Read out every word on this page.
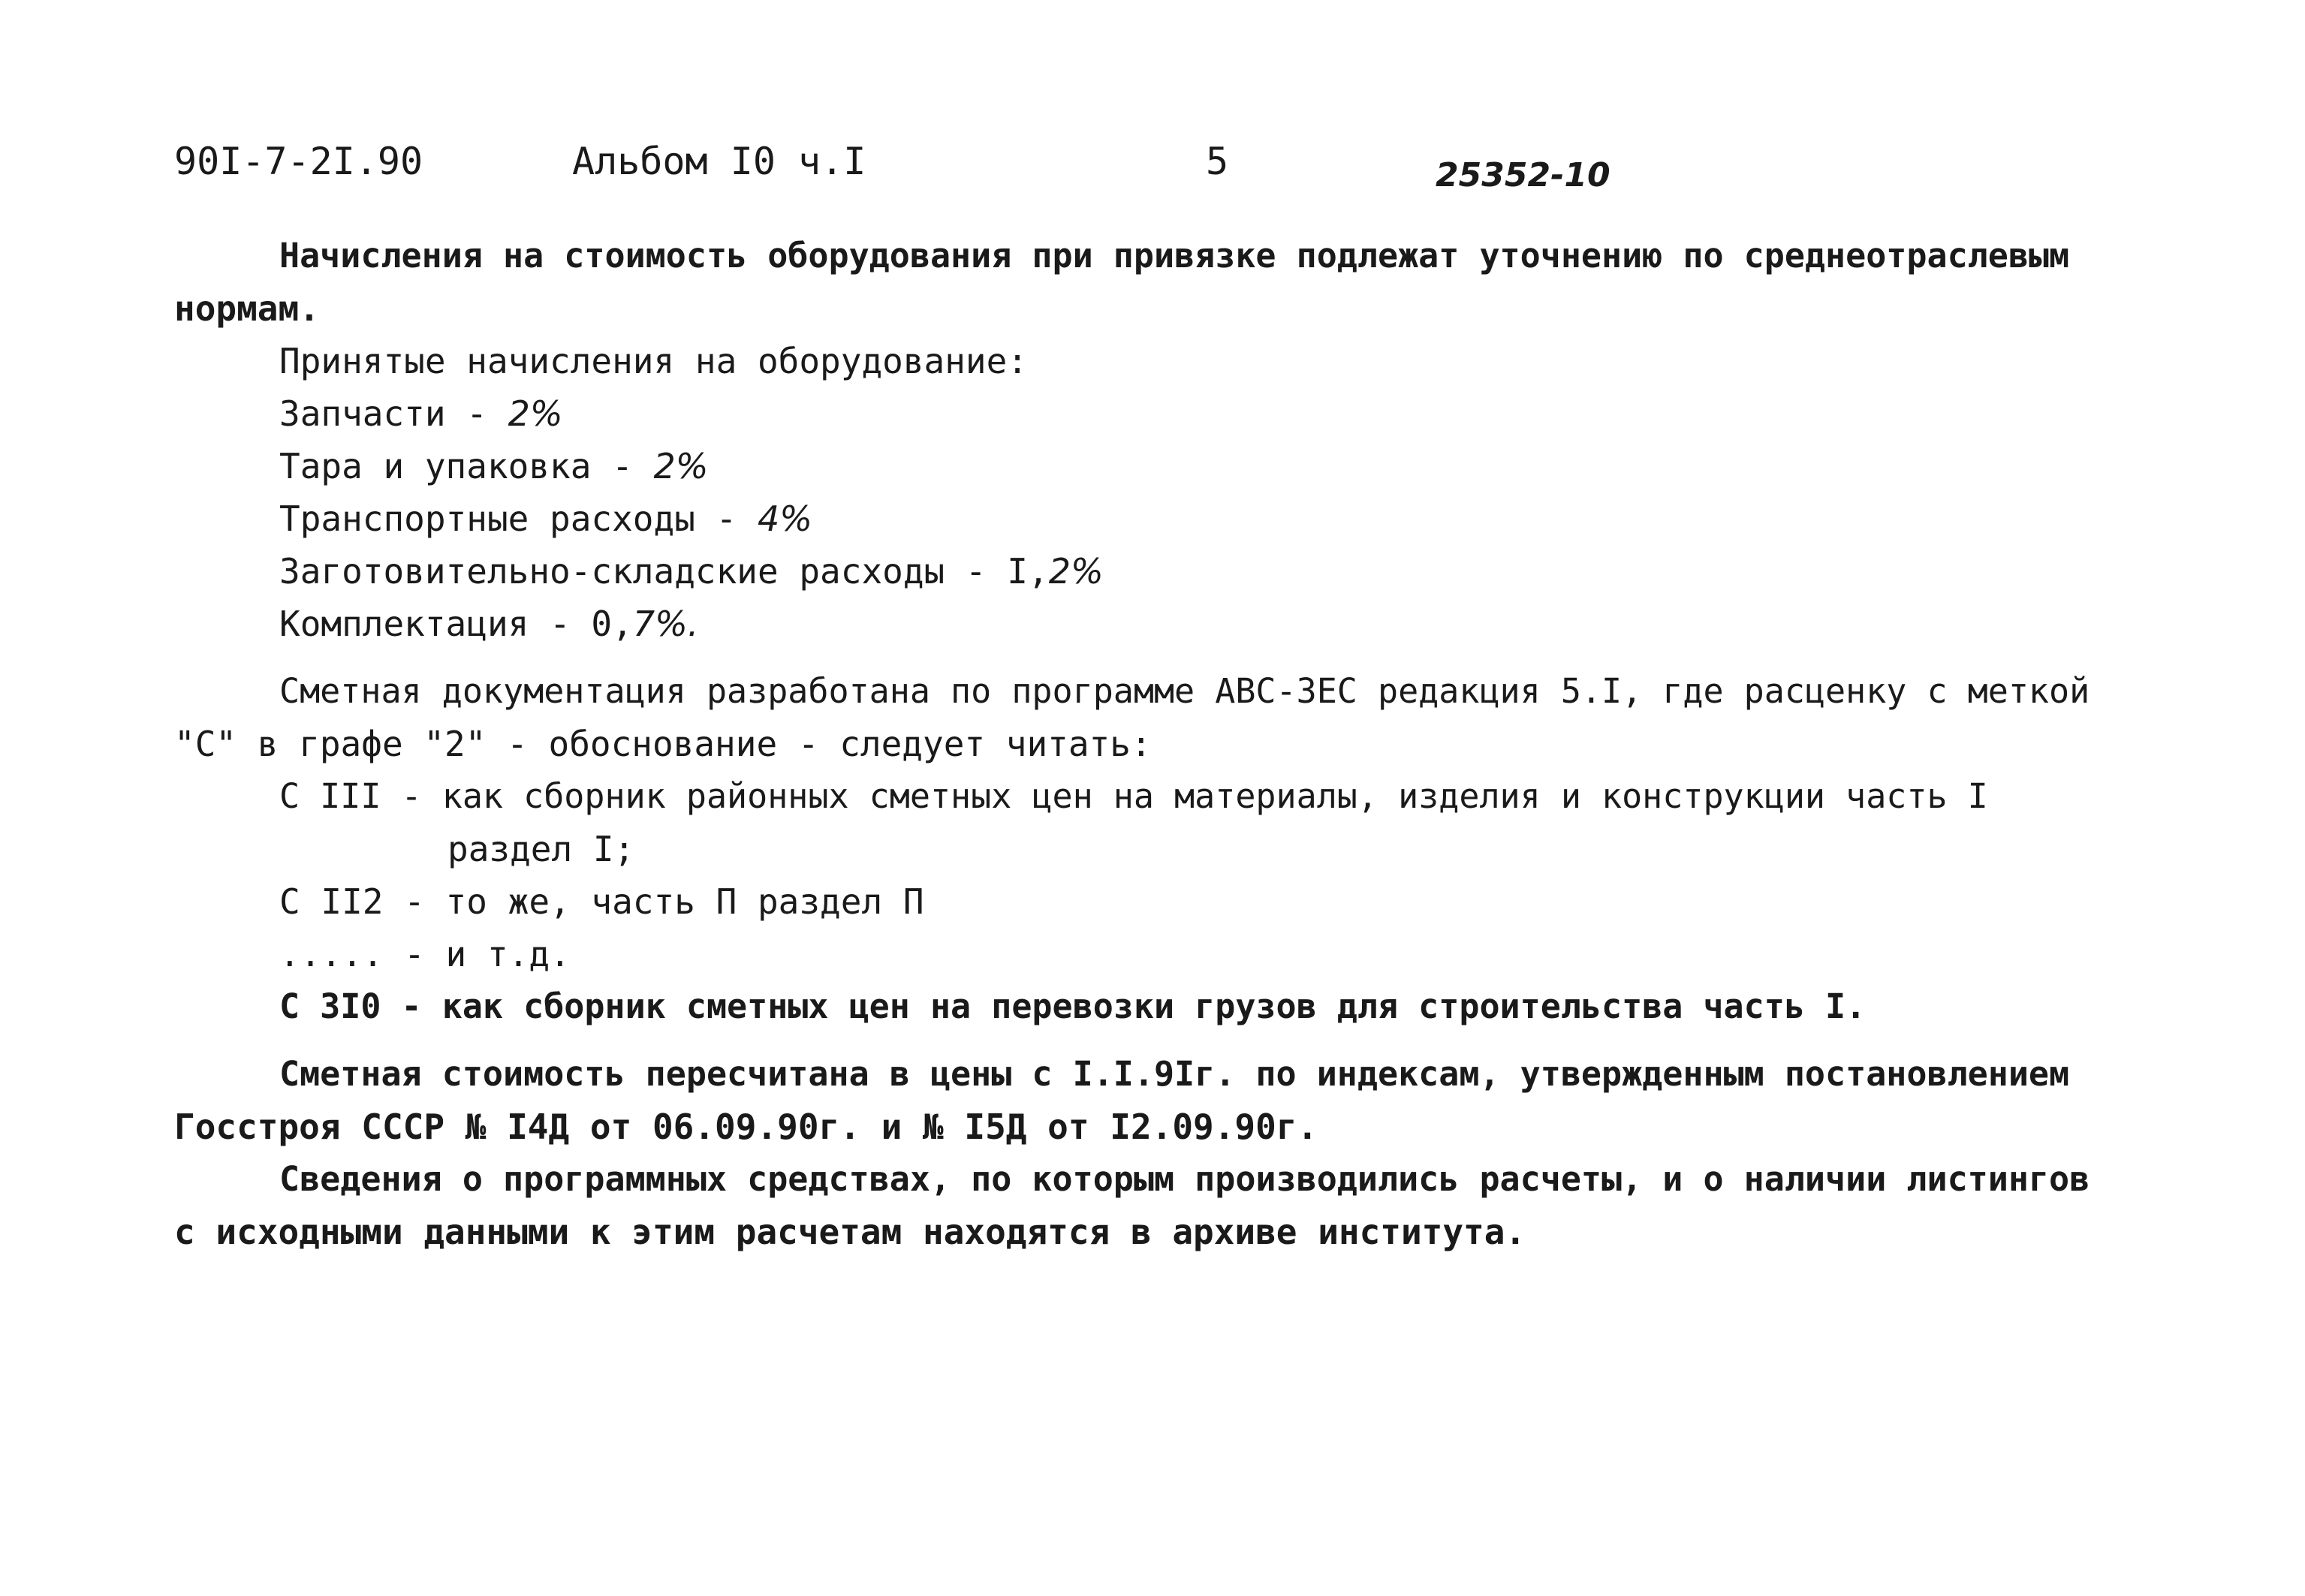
90I-7-2I.90	Альбом I0 ч.I	5	25352-10
Начисления на стоимость оборудования при привязке подлежат уточнению по среднеотраслевым
нормам.
Принятые начисления на оборудование:
Запчасти - 2%
Тара и упаковка - 2%
Транспортные расходы - 4%
Заготовительно-складские расходы - I,2%
Комплектация - 0,7%.
Сметная документация разработана по программе АВС-ЗЕС редакция 5.I, где расценку с меткой
"С" в графе "2" - обоснование - следует читать:
С III - как сборник районных сметных цен на материалы, изделия и конструкции часть I
раздел I;
С II2 - то же, часть П раздел П
..... - и т.д.
С 3I0 - как сборник сметных цен на перевозки грузов для строительства часть I.
Сметная стоимость пересчитана в цены с I.I.9Iг. по индексам, утвержденным постановлением
Госстроя СССР № I4Д от 06.09.90г. и № I5Д от I2.09.90г.
Сведения о программных средствах, по которым производились расчеты, и о наличии листингов
с исходными данными к этим расчетам находятся в архиве института.
